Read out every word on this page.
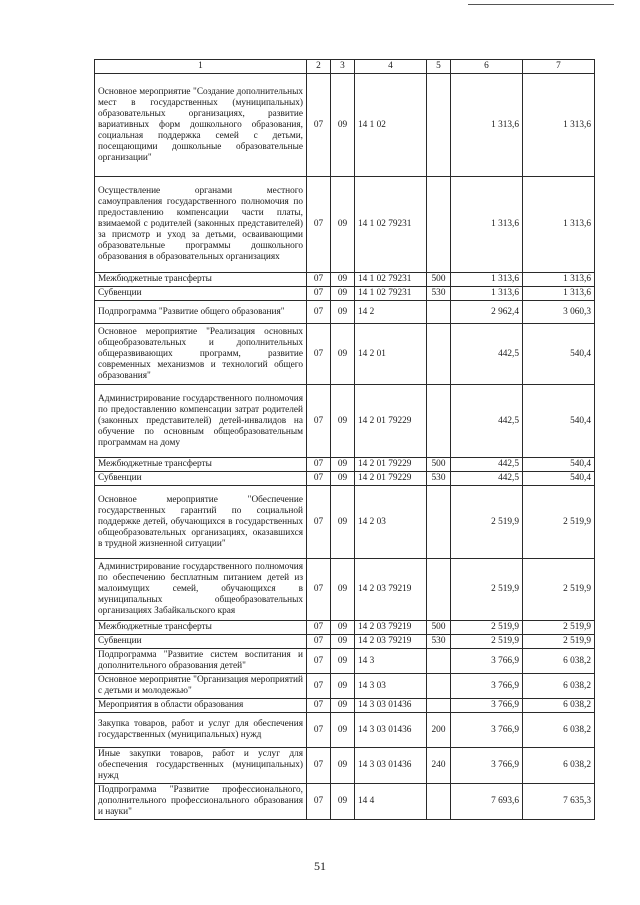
1	2	3	4	5	6	7
Основное мероприятие "Создание дополнительных мест в государственных (муниципальных) образовательных организациях, развитие вариативных форм дошкольного образования, социальная поддержка семей с детьми, посещающими дошкольные образовательные организации"	07	09	14 1 02		1 313,6	1 313,6
Осуществление органами местного самоуправления государственного полномочия по предоставлению компенсации части платы, взимаемой с родителей (законных представителей) за присмотр и уход за детьми, осваивающими образовательные программы дошкольного образования в образовательных организациях	07	09	14 1 02 79231		1 313,6	1 313,6
Межбюджетные трансферты	07	09	14 1 02 79231	500	1 313,6	1 313,6
Субвенции	07	09	14 1 02 79231	530	1 313,6	1 313,6
Подпрограмма "Развитие общего образования"	07	09	14 2		2 962,4	3 060,3
Основное мероприятие "Реализация основных общеобразовательных и дополнительных общеразвивающих программ, развитие современных механизмов и технологий общего образования"	07	09	14 2 01		442,5	540,4
Администрирование государственного полномочия по предоставлению компенсации затрат родителей (законных представителей) детей-инвалидов на обучение по основным общеобразовательным программам на дому	07	09	14 2 01 79229		442,5	540,4
Межбюджетные трансферты	07	09	14 2 01 79229	500	442,5	540,4
Субвенции	07	09	14 2 01 79229	530	442,5	540,4
Основное мероприятие "Обеспечение государственных гарантий по социальной поддержке детей, обучающихся в государственных общеобразовательных организациях, оказавшихся в трудной жизненной ситуации"	07	09	14 2 03		2 519,9	2 519,9
Администрирование государственного полномочия по обеспечению бесплатным питанием детей из малоимущих семей, обучающихся в муниципальных общеобразовательных организациях Забайкальского края	07	09	14 2 03 79219		2 519,9	2 519,9
Межбюджетные трансферты	07	09	14 2 03 79219	500	2 519,9	2 519,9
Субвенции	07	09	14 2 03 79219	530	2 519,9	2 519,9
Подпрограмма "Развитие систем воспитания и дополнительного образования детей"	07	09	14 3		3 766,9	6 038,2
Основное мероприятие "Организация мероприятий с детьми и молодежью"	07	09	14 3 03		3 766,9	6 038,2
Мероприятия в области образования	07	09	14 3 03 01436		3 766,9	6 038,2
Закупка товаров, работ и услуг для обеспечения государственных (муниципальных) нужд	07	09	14 3 03 01436	200	3 766,9	6 038,2
Иные закупки товаров, работ и услуг для обеспечения государственных (муниципальных) нужд	07	09	14 3 03 01436	240	3 766,9	6 038,2
Подпрограмма "Развитие профессионального, дополнительного профессионального образования и науки"	07	09	14 4		7 693,6	7 635,3
51
